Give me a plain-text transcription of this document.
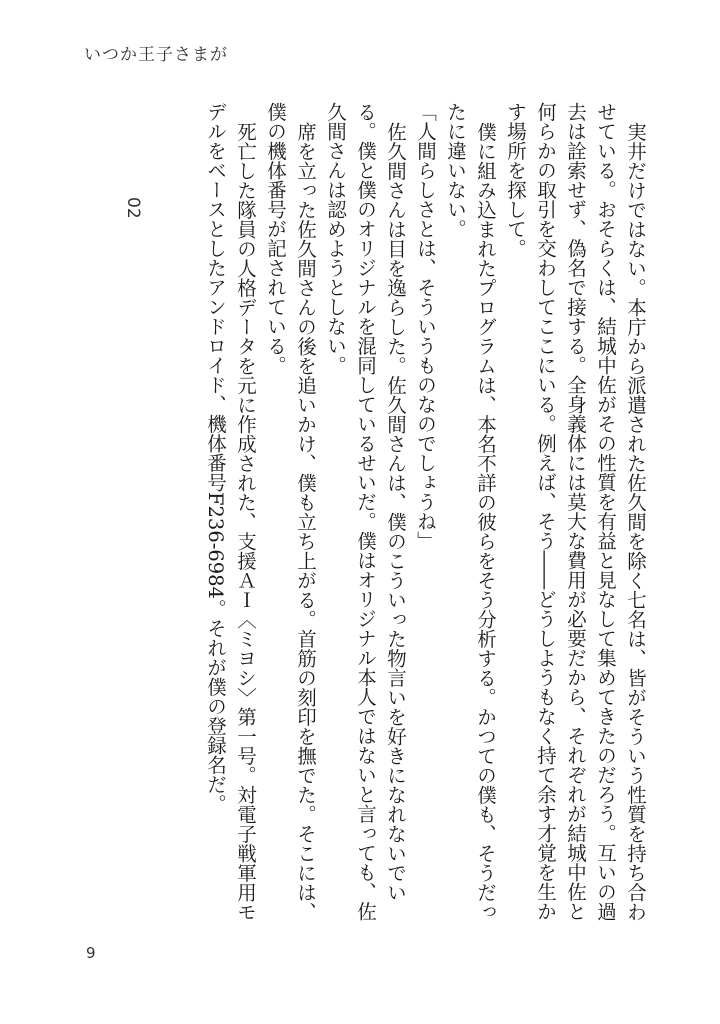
いつか王子さまが
02	実井だけではない。本庁から派遣された佐久間を除く七名は、皆がそういう性質を持ち合わせている。おそらくは、結城中佐がその性質を有益と見なして集めてきたのだろう。互いの過去は詮索せず、偽名で接する。全身義体には莫大な費用が必要だから、それぞれが結城中佐と何らかの取引を交わしてここにいる。例えば、そう――どうしようもなく持て余す才覚を生かす場所を探して。

僕に組み込まれたプログラムは、本名不詳の彼らをそう分析する。かつての僕も、そうだったに違いない。

「人間らしさとは、そういうものなのでしょうね」

佐久間さんは目を逸らした。佐久間さんは、僕のこういった物言いを好きになれないでいる。僕と僕のオリジナルを混同しているせいだ。僕はオリジナル本人ではないと言っても、佐久間さんは認めようとしない。

席を立った佐久間さんの後を追いかけ、僕も立ち上がる。首筋の刻印を撫でた。そこには、僕の機体番号が記されている。

死亡した隊員の人格データを元に作成された、支援ＡＩ〈ミヨシ〉第一号。対電子戦軍用モデルをベースとしたアンドロイド、機体番号F236-6984。それが僕の登録名だ。

9
